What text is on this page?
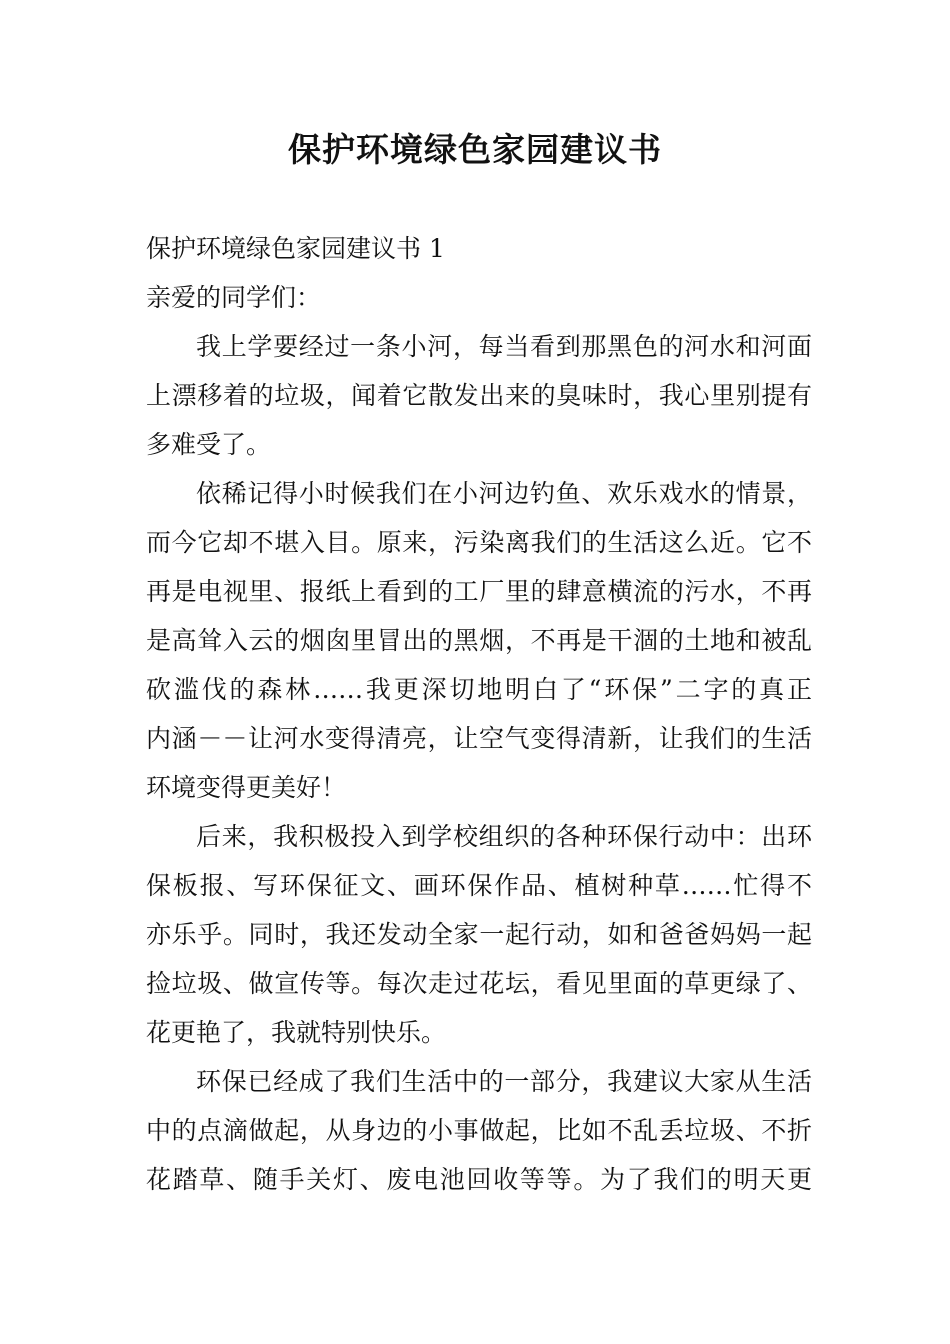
保护环境绿色家园建议书
保护环境绿色家园建议书 1
亲爱的同学们：
我上学要经过一条小河，每当看到那黑色的河水和河面
上漂移着的垃圾，闻着它散发出来的臭味时，我心里别提有
多难受了。
依稀记得小时候我们在小河边钓鱼、欢乐戏水的情景，
而今它却不堪入目。原来，污染离我们的生活这么近。它不
再是电视里、报纸上看到的工厂里的肆意横流的污水，不再
是高耸入云的烟囱里冒出的黑烟，不再是干涸的土地和被乱
砍滥伐的森林……我更深切地明白了“环保”二字的真正
内涵－－让河水变得清亮，让空气变得清新，让我们的生活
环境变得更美好！
后来，我积极投入到学校组织的各种环保行动中：出环
保板报、写环保征文、画环保作品、植树种草……忙得不
亦乐乎。同时，我还发动全家一起行动，如和爸爸妈妈一起
捡垃圾、做宣传等。每次走过花坛，看见里面的草更绿了、
花更艳了，我就特别快乐。
环保已经成了我们生活中的一部分，我建议大家从生活
中的点滴做起，从身边的小事做起，比如不乱丢垃圾、不折
花踏草、随手关灯、废电池回收等等。为了我们的明天更
